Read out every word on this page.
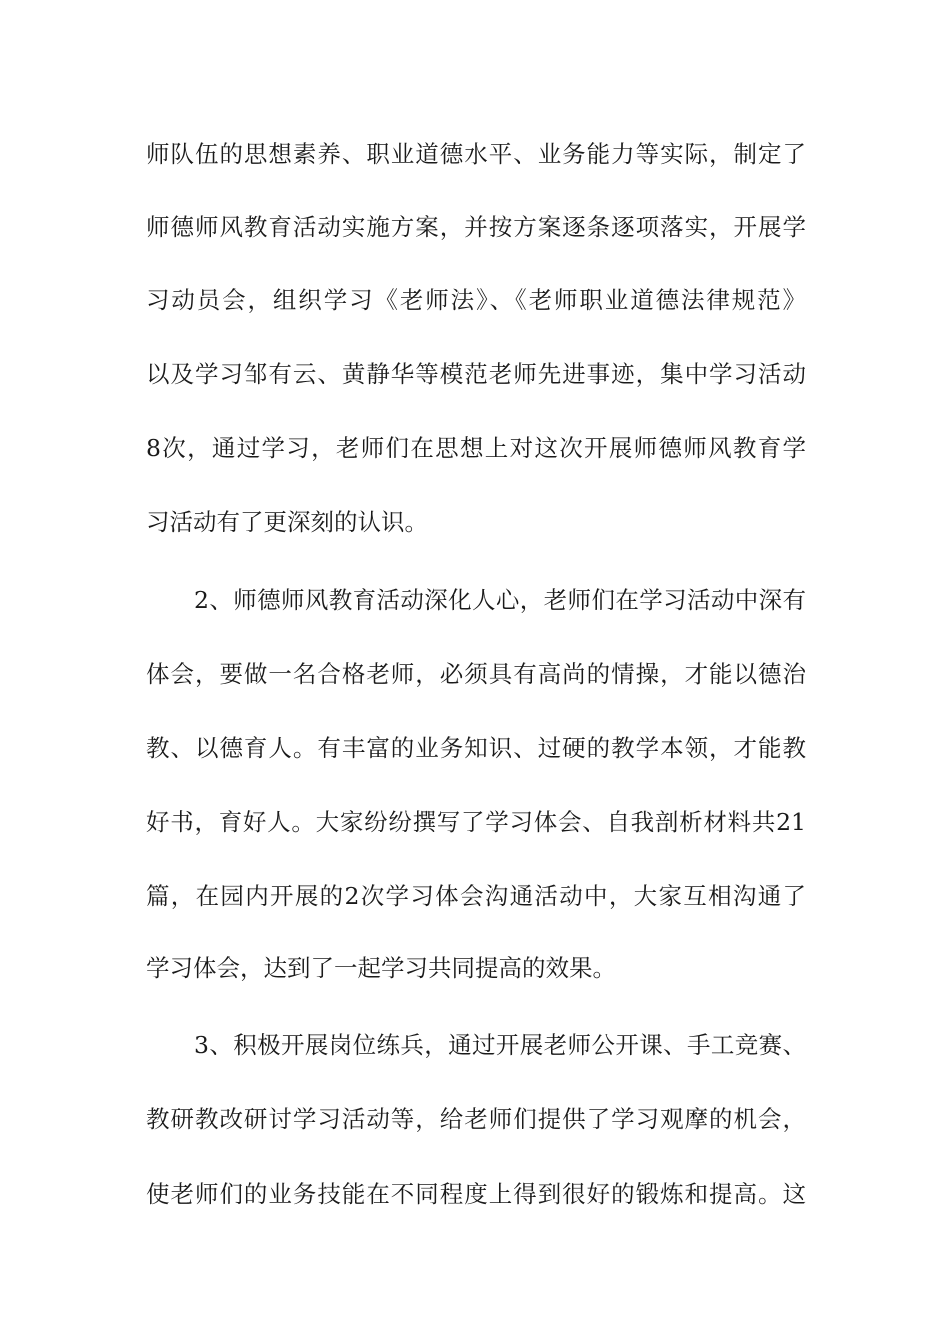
师队伍的思想素养、职业道德水平、业务能力等实际，制定了
师德师风教育活动实施方案，并按方案逐条逐项落实，开展学
习动员会，组织学习《老师法》、《老师职业道德法律规范》
以及学习邹有云、黄静华等模范老师先进事迹，集中学习活动
8次，通过学习，老师们在思想上对这次开展师德师风教育学
习活动有了更深刻的认识。
2、师德师风教育活动深化人心，老师们在学习活动中深有
体会，要做一名合格老师，必须具有高尚的情操，才能以德治
教、以德育人。有丰富的业务知识、过硬的教学本领，才能教
好书，育好人。大家纷纷撰写了学习体会、自我剖析材料共21
篇，在园内开展的2次学习体会沟通活动中，大家互相沟通了
学习体会，达到了一起学习共同提高的效果。
3、积极开展岗位练兵，通过开展老师公开课、手工竞赛、
教研教改研讨学习活动等，给老师们提供了学习观摩的机会，
使老师们的业务技能在不同程度上得到很好的锻炼和提高。这
